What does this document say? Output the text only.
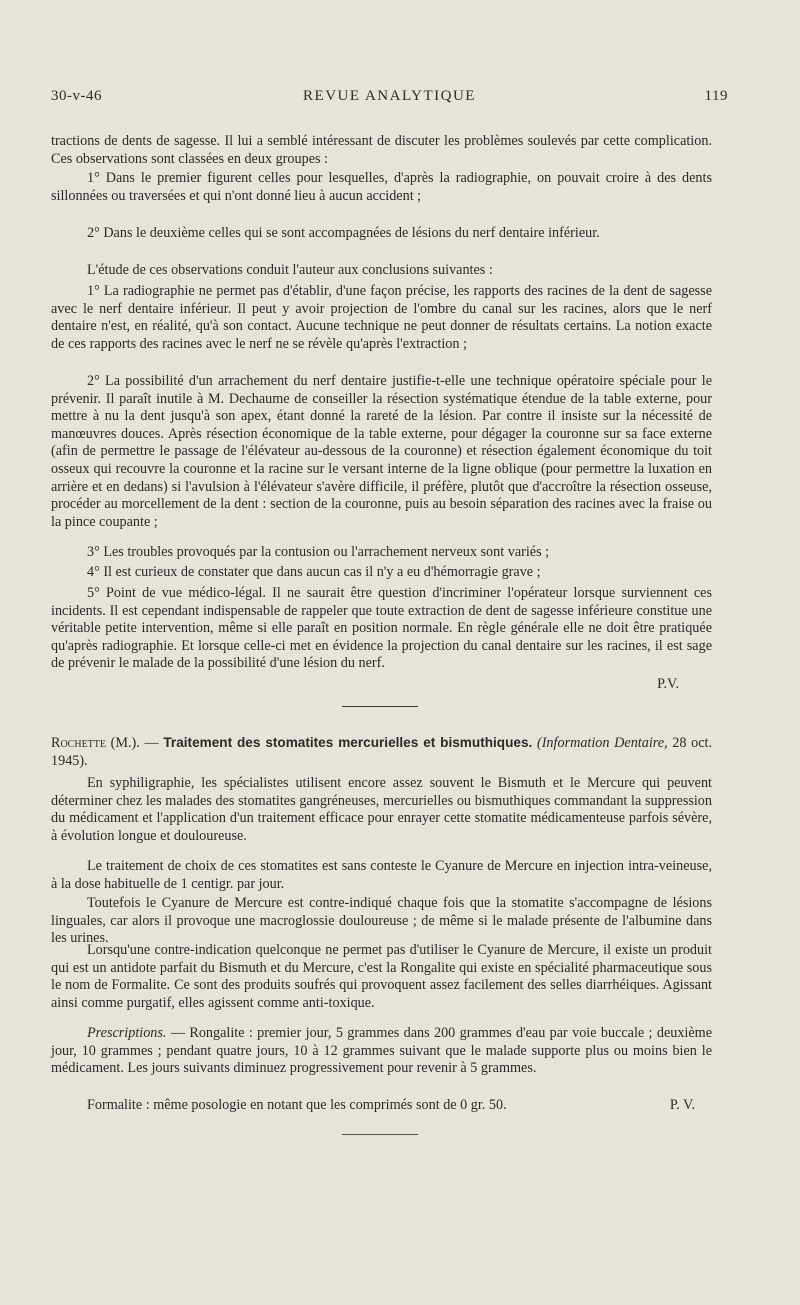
30-v-46	REVUE ANALYTIQUE	119

tractions de dents de sagesse. Il lui a semblé intéressant de discuter les problèmes soulevés par cette complication. Ces observations sont classées en deux groupes :

1° Dans le premier figurent celles pour lesquelles, d'après la radiographie, on pouvait croire à des dents sillonnées ou traversées et qui n'ont donné lieu à aucun accident ;

2° Dans le deuxième celles qui se sont accompagnées de lésions du nerf dentaire inférieur.

L'étude de ces observations conduit l'auteur aux conclusions suivantes :

1° La radiographie ne permet pas d'établir, d'une façon précise, les rapports des racines de la dent de sagesse avec le nerf dentaire inférieur. Il peut y avoir projection de l'ombre du canal sur les racines, alors que le nerf dentaire n'est, en réalité, qu'à son contact. Aucune technique ne peut donner de résultats certains. La notion exacte de ces rapports des racines avec le nerf ne se révèle qu'après l'extraction ;

2° La possibilité d'un arrachement du nerf dentaire justifie-t-elle une technique opératoire spéciale pour le prévenir. Il paraît inutile à M. Dechaume de conseiller la résection systématique étendue de la table externe, pour mettre à nu la dent jusqu'à son apex, étant donné la rareté de la lésion. Par contre il insiste sur la nécessité de manœuvres douces. Après résection économique de la table externe, pour dégager la couronne sur sa face externe (afin de permettre le passage de l'élévateur au-dessous de la couronne) et résection également économique du toit osseux qui recouvre la couronne et la racine sur le versant interne de la ligne oblique (pour permettre la luxation en arrière et en dedans) si l'avulsion à l'élévateur s'avère difficile, il préfère, plutôt que d'accroître la résection osseuse, procéder au morcellement de la dent : section de la couronne, puis au besoin séparation des racines avec la fraise ou la pince coupante ;

3° Les troubles provoqués par la contusion ou l'arrachement nerveux sont variés ;

4° Il est curieux de constater que dans aucun cas il n'y a eu d'hémorragie grave ;

5° Point de vue médico-légal. Il ne saurait être question d'incriminer l'opérateur lorsque surviennent ces incidents. Il est cependant indispensable de rappeler que toute extraction de dent de sagesse inférieure constitue une véritable petite intervention, même si elle paraît en position normale. En règle générale elle ne doit être pratiquée qu'après radiographie. Et lorsque celle-ci met en évidence la projection du canal dentaire sur les racines, il est sage de prévenir le malade de la possibilité d'une lésion du nerf.

P.V.

Rochette (M.). — Traitement des stomatites mercurielles et bismuthiques. (Information Dentaire, 28 oct. 1945).

En syphiligraphie, les spécialistes utilisent encore assez souvent le Bismuth et le Mercure qui peuvent déterminer chez les malades des stomatites gangréneuses, mercurielles ou bismuthiques commandant la suppression du médicament et l'application d'un traitement efficace pour enrayer cette stomatite médicamenteuse parfois sévère, à évolution longue et douloureuse.

Le traitement de choix de ces stomatites est sans conteste le Cyanure de Mercure en injection intra-veineuse, à la dose habituelle de 1 centigr. par jour.

Toutefois le Cyanure de Mercure est contre-indiqué chaque fois que la stomatite s'accompagne de lésions linguales, car alors il provoque une macroglossie douloureuse ; de même si le malade présente de l'albumine dans les urines.

Lorsqu'une contre-indication quelconque ne permet pas d'utiliser le Cyanure de Mercure, il existe un produit qui est un antidote parfait du Bismuth et du Mercure, c'est la Rongalite qui existe en spécialité pharmaceutique sous le nom de Formalite. Ce sont des produits soufrés qui provoquent assez facilement des selles diarrhéiques. Agissant ainsi comme purgatif, elles agissent comme anti-toxique.

Prescriptions. — Rongalite : premier jour, 5 grammes dans 200 grammes d'eau par voie buccale ; deuxième jour, 10 grammes ; pendant quatre jours, 10 à 12 grammes suivant que le malade supporte plus ou moins bien le médicament. Les jours suivants diminuez progressivement pour revenir à 5 grammes.

Formalite : même posologie en notant que les comprimés sont de 0 gr. 50.	P. V.
